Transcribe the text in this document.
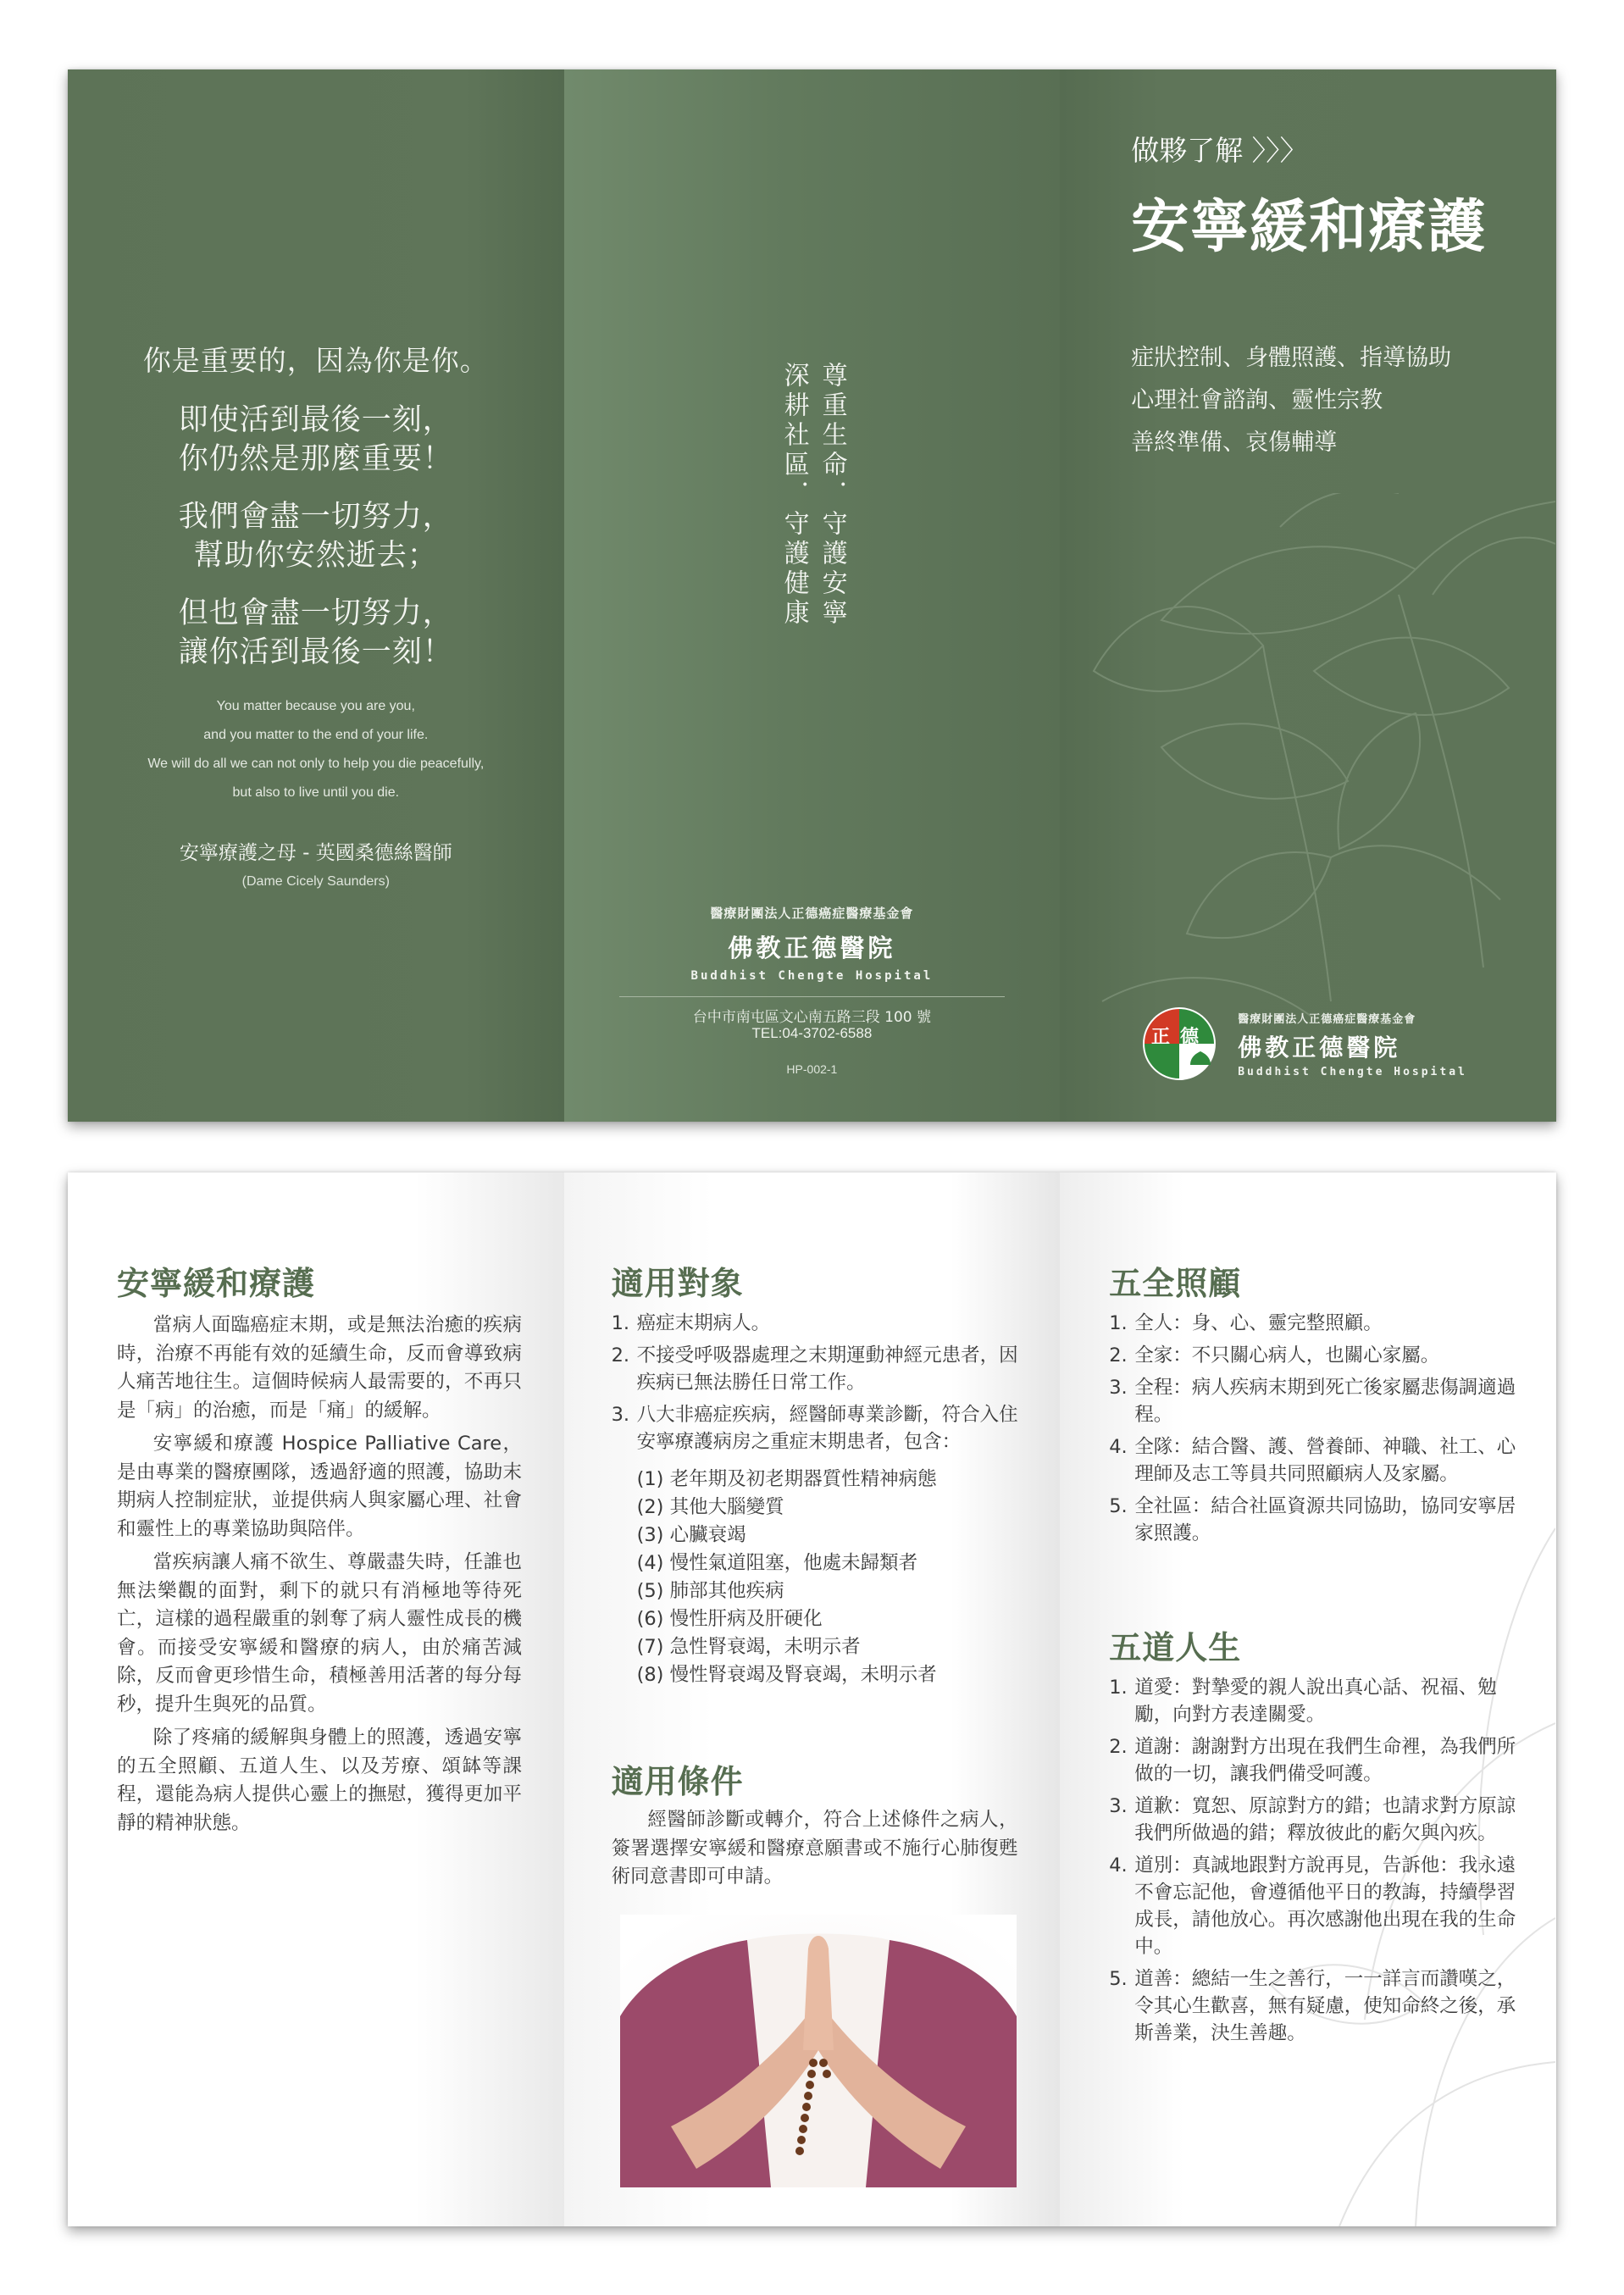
你是重要的，因為你是你。
即使活到最後一刻，
你仍然是那麼重要！
我們會盡一切努力，
幫助你安然逝去；
但也會盡一切努力，
讓你活到最後一刻！
You matter because you are you,
and you matter to the end of your life.
We will do all we can not only to help you die peacefully,
but also to live until you die.
安寧療護之母 - 英國桑德絲醫師
(Dame Cicely Saunders)
尊重生命．守護安寧
深耕社區．守護健康
醫療財團法人正德癌症醫療基金會
佛教正德醫院
Buddhist Chengte Hospital
台中市南屯區文心南五路三段 100 號
TEL:04-3702-6588
HP-002-1
做夥了解 〉〉〉
安寧緩和療護
症狀控制、身體照護、指導協助
心理社會諮詢、靈性宗教
善終準備、哀傷輔導
正 德
醫療財團法人正德癌症醫療基金會
佛教正德醫院
Buddhist Chengte Hospital
安寧緩和療護

當病人面臨癌症末期，或是無法治癒的疾病時，治療不再能有效的延續生命，反而會導致病人痛苦地往生。這個時候病人最需要的，不再只是「病」的治癒，而是「痛」的緩解。

安寧緩和療護 Hospice Palliative Care，是由專業的醫療團隊，透過舒適的照護，協助末期病人控制症狀，並提供病人與家屬心理、社會和靈性上的專業協助與陪伴。

當疾病讓人痛不欲生、尊嚴盡失時，任誰也無法樂觀的面對，剩下的就只有消極地等待死亡，這樣的過程嚴重的剝奪了病人靈性成長的機會。而接受安寧緩和醫療的病人，由於痛苦減除，反而會更珍惜生命，積極善用活著的每分每秒，提升生與死的品質。

除了疼痛的緩解與身體上的照護，透過安寧的五全照顧、五道人生、以及芳療、頌缽等課程，還能為病人提供心靈上的撫慰，獲得更加平靜的精神狀態。

適用對象
1. 癌症末期病人。
2. 不接受呼吸器處理之末期運動神經元患者，因疾病已無法勝任日常工作。
3. 八大非癌症疾病，經醫師專業診斷，符合入住安寧療護病房之重症末期患者，包含：
(1) 老年期及初老期器質性精神病態
(2) 其他大腦變質
(3) 心臟衰竭
(4) 慢性氣道阻塞，他處未歸類者
(5) 肺部其他疾病
(6) 慢性肝病及肝硬化
(7) 急性腎衰竭，未明示者
(8) 慢性腎衰竭及腎衰竭，未明示者
適用條件

經醫師診斷或轉介，符合上述條件之病人，簽署選擇安寧緩和醫療意願書或不施行心肺復甦術同意書即可申請。

五全照顧
1. 全人：身、心、靈完整照顧。
2. 全家：不只關心病人，也關心家屬。
3. 全程：病人疾病末期到死亡後家屬悲傷調適過程。
4. 全隊：結合醫、護、營養師、神職、社工、心理師及志工等員共同照顧病人及家屬。
5. 全社區：結合社區資源共同協助，協同安寧居家照護。
五道人生
1. 道愛：對摯愛的親人說出真心話、祝福、勉勵，向對方表達關愛。
2. 道謝：謝謝對方出現在我們生命裡，為我們所做的一切，讓我們備受呵護。
3. 道歉：寬恕、原諒對方的錯；也請求對方原諒我們所做過的錯；釋放彼此的虧欠與內疚。
4. 道別：真誠地跟對方說再見，告訴他：我永遠不會忘記他，會遵循他平日的教誨，持續學習成長，請他放心。再次感謝他出現在我的生命中。
5. 道善：總結一生之善行，一一詳言而讚嘆之，令其心生歡喜，無有疑慮，使知命終之後，承斯善業，決生善趣。
